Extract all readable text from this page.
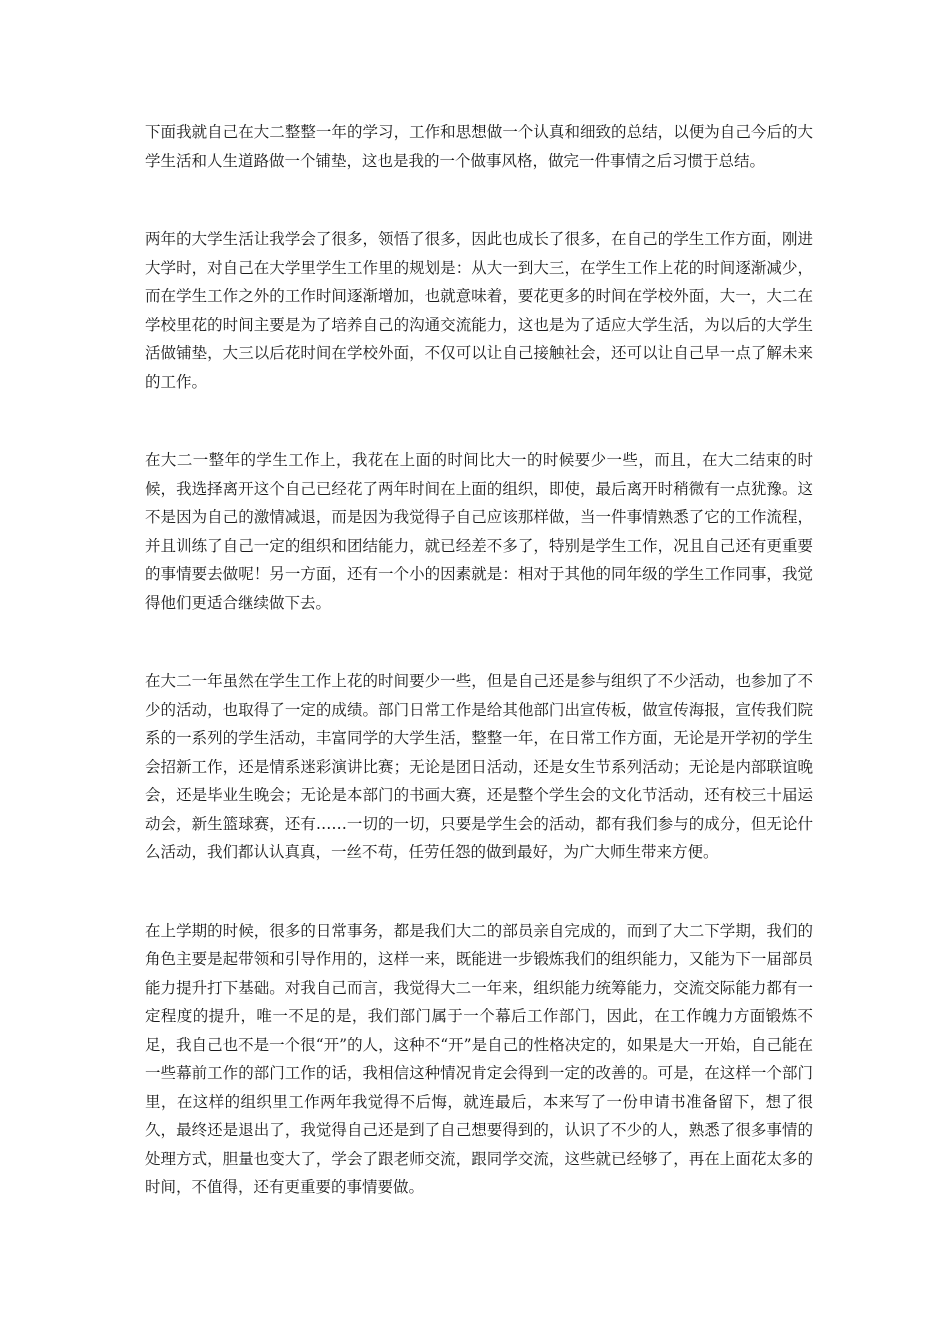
下面我就自己在大二整整一年的学习，工作和思想做一个认真和细致的总结，以便为自己今后的大学生活和人生道路做一个铺垫，这也是我的一个做事风格，做完一件事情之后习惯于总结。

两年的大学生活让我学会了很多，领悟了很多，因此也成长了很多，在自己的学生工作方面，刚进大学时，对自己在大学里学生工作里的规划是：从大一到大三，在学生工作上花的时间逐渐减少，而在学生工作之外的工作时间逐渐增加，也就意味着，要花更多的时间在学校外面，大一，大二在学校里花的时间主要是为了培养自己的沟通交流能力，这也是为了适应大学生活，为以后的大学生活做铺垫，大三以后花时间在学校外面，不仅可以让自己接触社会，还可以让自己早一点了解未来的工作。

在大二一整年的学生工作上，我花在上面的时间比大一的时候要少一些，而且，在大二结束的时候，我选择离开这个自己已经花了两年时间在上面的组织，即使，最后离开时稍微有一点犹豫。这不是因为自己的激情减退，而是因为我觉得子自己应该那样做，当一件事情熟悉了它的工作流程，并且训练了自己一定的组织和团结能力，就已经差不多了，特别是学生工作，况且自己还有更重要的事情要去做呢！另一方面，还有一个小的因素就是：相对于其他的同年级的学生工作同事，我觉得他们更适合继续做下去。

在大二一年虽然在学生工作上花的时间要少一些，但是自己还是参与组织了不少活动，也参加了不少的活动，也取得了一定的成绩。部门日常工作是给其他部门出宣传板，做宣传海报，宣传我们院系的一系列的学生活动，丰富同学的大学生活，整整一年，在日常工作方面，无论是开学初的学生会招新工作，还是情系迷彩演讲比赛；无论是团日活动，还是女生节系列活动；无论是内部联谊晚会，还是毕业生晚会；无论是本部门的书画大赛，还是整个学生会的文化节活动，还有校三十届运动会，新生篮球赛，还有……一切的一切，只要是学生会的活动，都有我们参与的成分，但无论什么活动，我们都认认真真，一丝不苟，任劳任怨的做到最好，为广大师生带来方便。

在上学期的时候，很多的日常事务，都是我们大二的部员亲自完成的，而到了大二下学期，我们的角色主要是起带领和引导作用的，这样一来，既能进一步锻炼我们的组织能力，又能为下一届部员能力提升打下基础。对我自己而言，我觉得大二一年来，组织能力统筹能力，交流交际能力都有一定程度的提升，唯一不足的是，我们部门属于一个幕后工作部门，因此，在工作魄力方面锻炼不足，我自己也不是一个很“开”的人，这种不“开”是自己的性格决定的，如果是大一开始，自己能在一些幕前工作的部门工作的话，我相信这种情况肯定会得到一定的改善的。可是，在这样一个部门里，在这样的组织里工作两年我觉得不后悔，就连最后，本来写了一份申请书准备留下，想了很久，最终还是退出了，我觉得自己还是到了自己想要得到的，认识了不少的人，熟悉了很多事情的处理方式，胆量也变大了，学会了跟老师交流，跟同学交流，这些就已经够了，再在上面花太多的时间，不值得，还有更重要的事情要做。
